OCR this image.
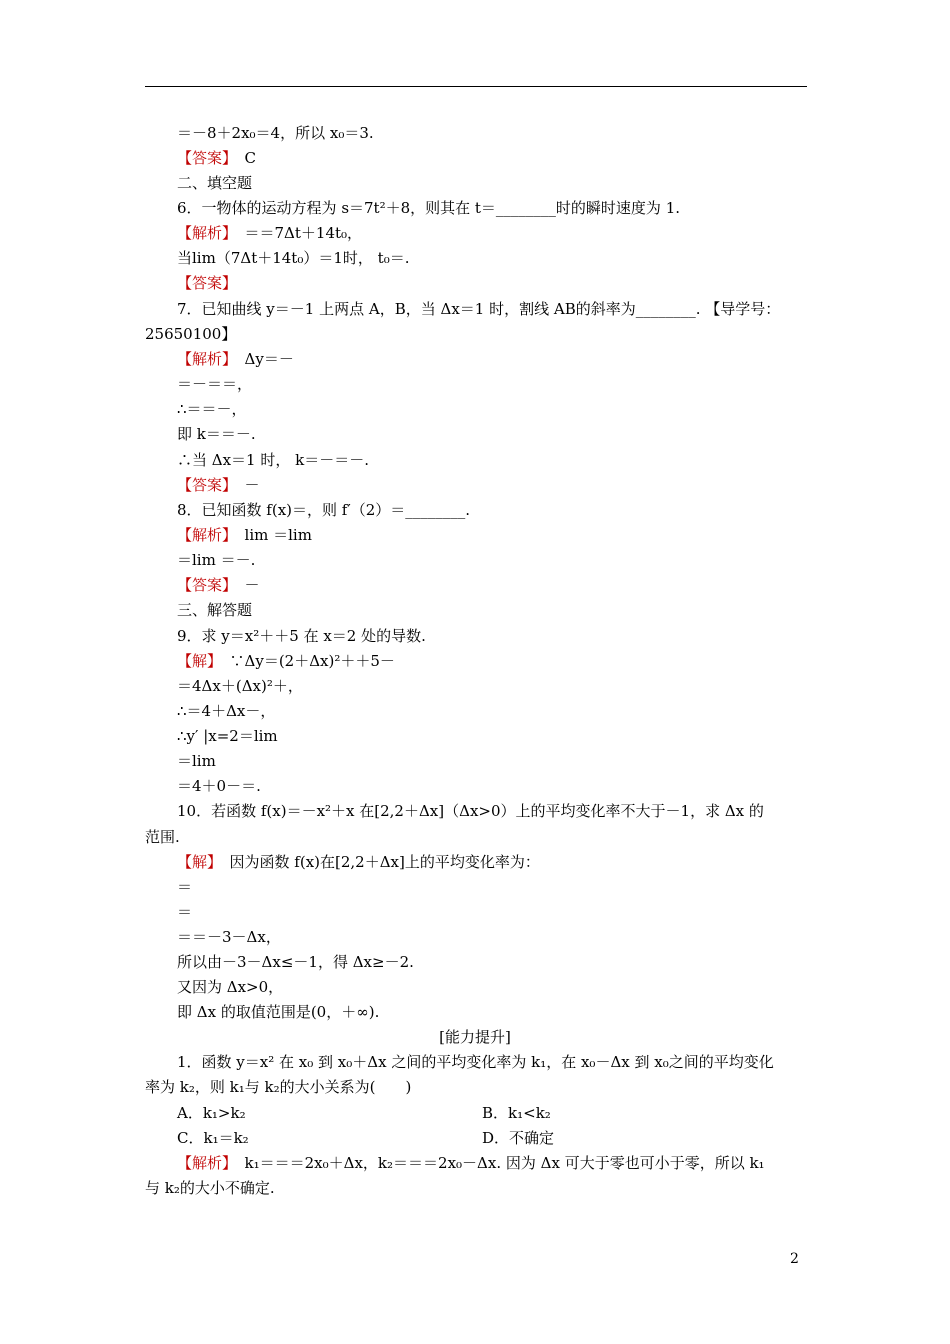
＝－8＋2x₀＝4，所以 x₀＝3.
【答案】　C
二、填空题
6．一物体的运动方程为 s＝7t²＋8，则其在 t＝________时的瞬时速度为 1.
【解析】　＝＝7Δt＋14t₀，
当lim（7Δt＋14t₀）＝1时， t₀＝.
【答案】
7．已知曲线 y＝－1 上两点 A，B，当 Δx＝1 时，割线 AB的斜率为________. 【导学号：
25650100】
【解析】　Δy＝－
＝－＝＝，
∴＝＝－，
即 k＝＝－.
∴当 Δx＝1 时， k＝－＝－.
【答案】　－
8．已知函数 f(x)＝，则 f′（2）＝________.
【解析】　lim ＝lim
＝lim ＝－.
【答案】　－
三、解答题
9．求 y＝x²＋＋5 在 x＝2 处的导数.
【解】　∵Δy＝(2＋Δx)²＋＋5－
＝4Δx＋(Δx)²＋，
∴＝4＋Δx－，
∴y′ |x=2＝lim
＝lim
＝4＋0－＝.
10．若函数 f(x)＝－x²＋x 在[2,2＋Δx]（Δx>0）上的平均变化率不大于－1，求 Δx 的
范围.
【解】　因为函数 f(x)在[2,2＋Δx]上的平均变化率为：
＝
＝
＝＝－3－Δx，
所以由－3－Δx≤－1，得 Δx≥－2.
又因为 Δx>0，
即 Δx 的取值范围是(0，＋∞).
[能力提升]
1．函数 y＝x² 在 x₀ 到 x₀＋Δx 之间的平均变化率为 k₁，在 x₀－Δx 到 x₀之间的平均变化
率为 k₂，则 k₁与 k₂的大小关系为(　　)
A．k₁>k₂	B．k₁<k₂
C．k₁＝k₂	D．不确定
【解析】　k₁＝＝＝2x₀＋Δx，k₂＝＝＝2x₀－Δx. 因为 Δx 可大于零也可小于零，所以 k₁
与 k₂的大小不确定.
2
